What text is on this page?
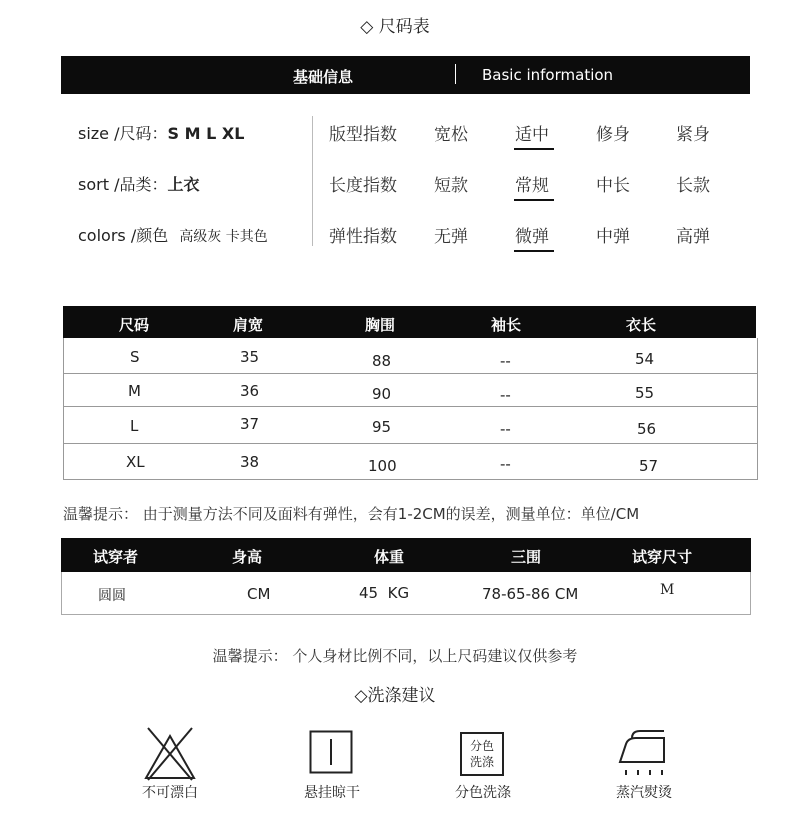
◇ 尺码表
基础信息	Basic information
size /尺码：S M L XL
sort /品类：上衣
colors /颜色 高级灰 卡其色
版型指数 宽松	适中	修身	紧身
长度指数 短款	常规	中长	长款
弹性指数 无弹	微弹	中弹	高弹
尺码	肩宽	胸围	袖长	衣长
S	35	88	--	54
M	36	90	--	55
L	37	95	--	56
XL	38	100	--	57
温馨提示： 由于测量方法不同及面料有弹性，会有1-2CM的误差，测量单位：单位/CM
试穿者	身高	体重	三围	试穿尺寸
圆圆	CM	45  KG	78-65-86 CM	M
温馨提示： 个人身材比例不同，以上尺码建议仅供参考
◇洗涤建议
分色
洗涤
不可漂白	悬挂晾干	分色洗涤	蒸汽熨烫
